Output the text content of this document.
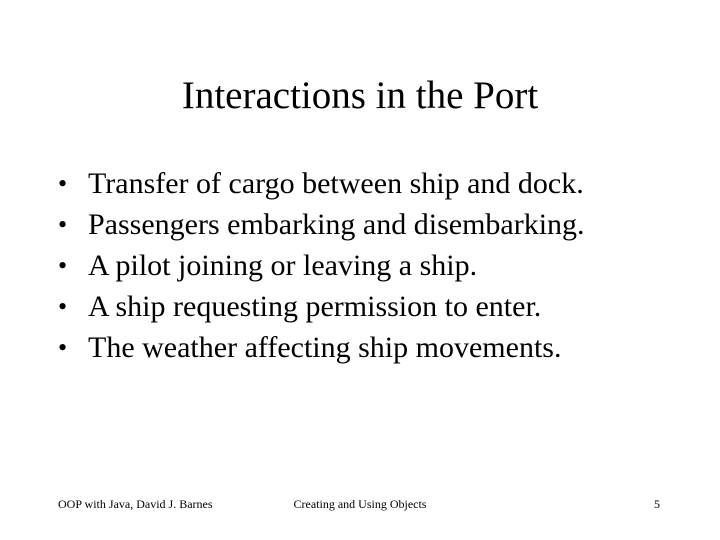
Interactions in the Port
• Transfer of cargo between ship and dock.
• Passengers embarking and disembarking.
• A pilot joining or leaving a ship.
• A ship requesting permission to enter.
• The weather affecting ship movements.
OOP with Java, David J. Barnes	Creating and Using Objects	5
